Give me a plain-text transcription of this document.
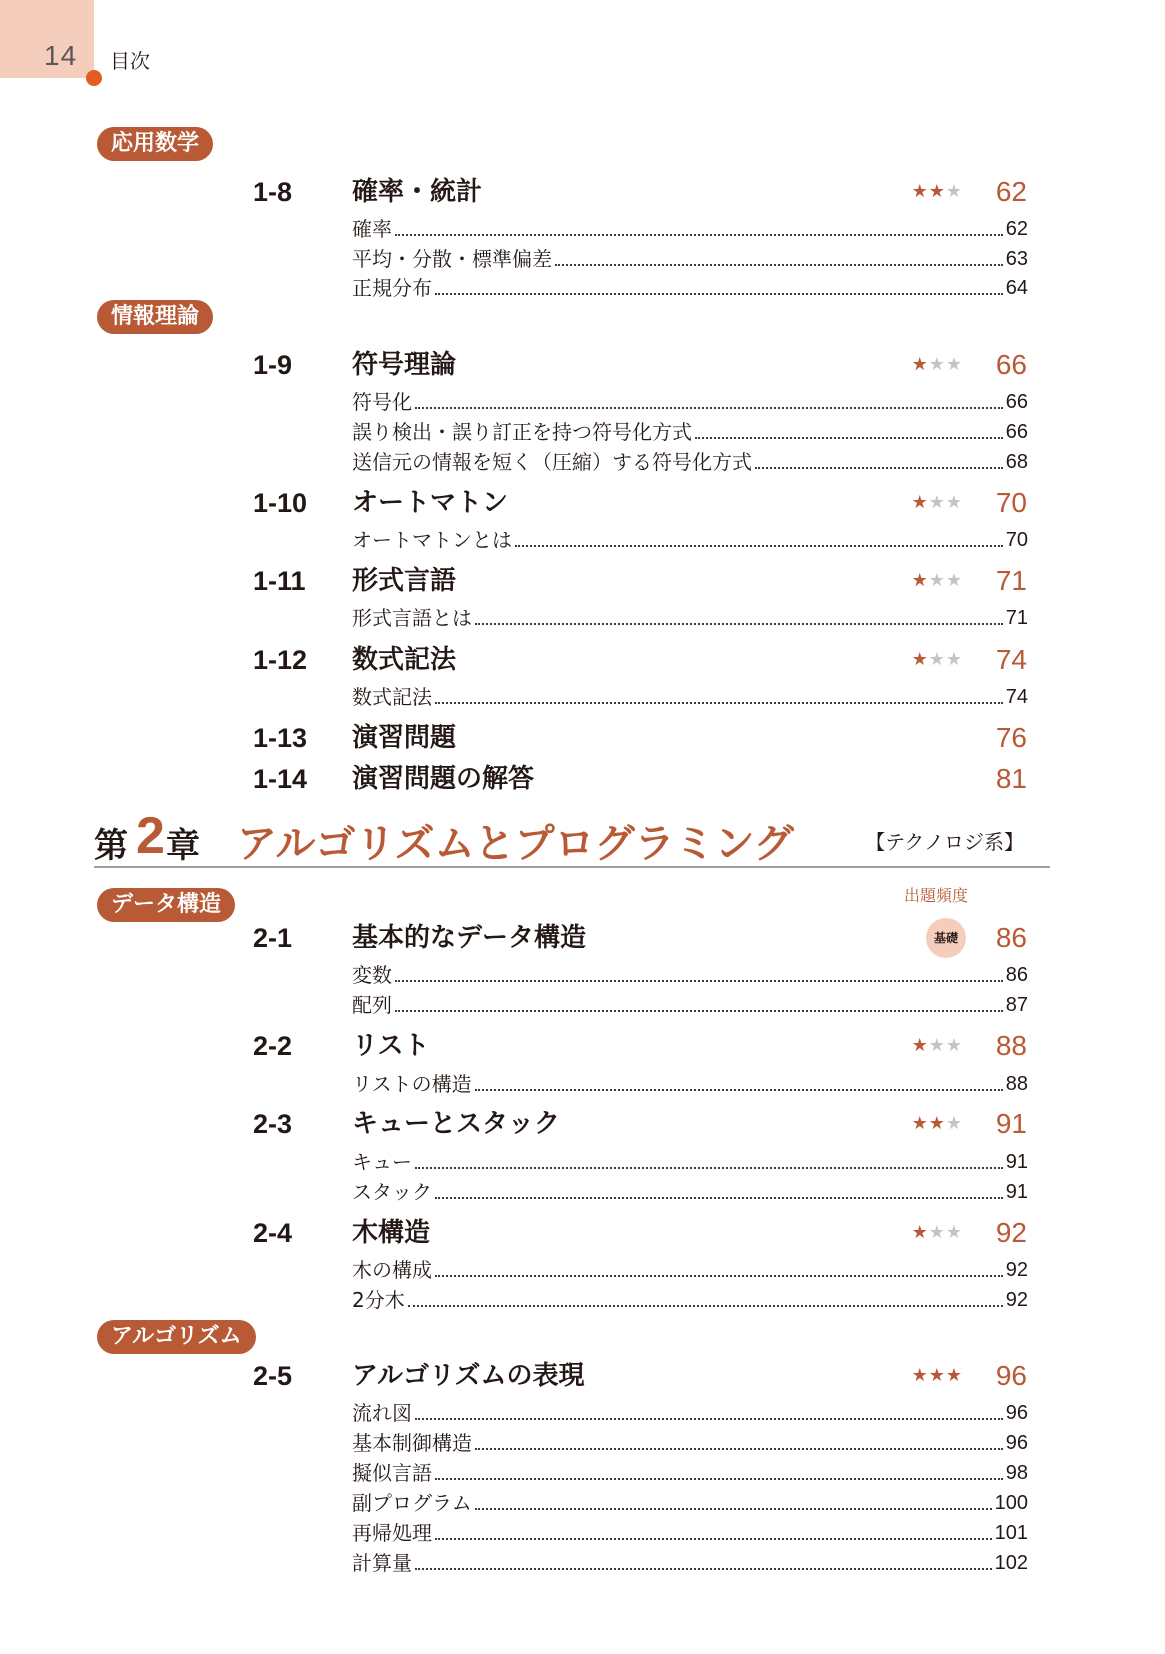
14 目次
応用数学
情報理論
データ構造
アルゴリズム
第 2 章 アルゴリズムとプログラミング	【テクノロジ系】
出題頻度
1-8 確率・統計	★★★ 62
確率	62
平均・分散・標準偏差	63
正規分布	64
1-9 符号理論	★★★ 66
符号化	66
誤り検出・誤り訂正を持つ符号化方式	66
送信元の情報を短く（圧縮）する符号化方式	68
1-10 オートマトン	★★★ 70
オートマトンとは	70
1-11 形式言語	★★★ 71
形式言語とは	71
1-12 数式記法	★★★ 74
数式記法	74
1-13 演習問題	76
1-14 演習問題の解答	81
2-1 基本的なデータ構造	基礎 86
変数	86
配列	87
2-2 リスト	★★★ 88
リストの構造	88
2-3 キューとスタック	★★★ 91
キュー	91
スタック	91
2-4 木構造	★★★ 92
木の構成	92
2分木	92
2-5 アルゴリズムの表現	★★★ 96
流れ図	96
基本制御構造	96
擬似言語	98
副プログラム	100
再帰処理	101
計算量	102
